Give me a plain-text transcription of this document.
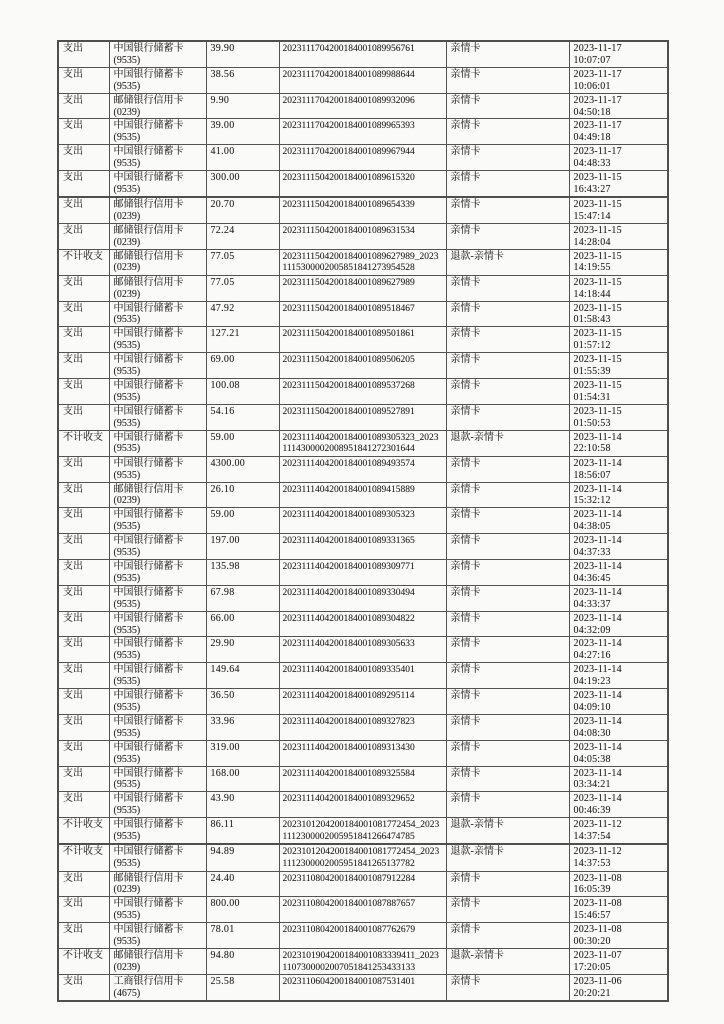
支出	中国银行储蓄卡
(9535)
	39.90	2023111704200184001089956761	亲情卡	2023-11-17
10:07:07

支出	中国银行储蓄卡
(9535)
	38.56	2023111704200184001089988644	亲情卡	2023-11-17
10:06:01

支出	邮储银行信用卡
(0239)
	9.90	2023111704200184001089932096	亲情卡	2023-11-17
04:50:18

支出	中国银行储蓄卡
(9535)
	39.00	2023111704200184001089965393	亲情卡	2023-11-17
04:49:18

支出	中国银行储蓄卡
(9535)
	41.00	2023111704200184001089967944	亲情卡	2023-11-17
04:48:33

支出	中国银行储蓄卡
(9535)
	300.00	2023111504200184001089615320	亲情卡	2023-11-15
16:43:27

支出	邮储银行信用卡
(0239)
	20.70	2023111504200184001089654339	亲情卡	2023-11-15
15:47:14

支出	邮储银行信用卡
(0239)
	72.24	2023111504200184001089631534	亲情卡	2023-11-15
14:28:04

不计收支	邮储银行信用卡
(0239)
	77.05	2023111504200184001089627989_20231115300002005851841273954528	退款-亲情卡	2023-11-15
14:19:55

支出	邮储银行信用卡
(0239)
	77.05	2023111504200184001089627989	亲情卡	2023-11-15
14:18:44

支出	中国银行储蓄卡
(9535)
	47.92	2023111504200184001089518467	亲情卡	2023-11-15
01:58:43

支出	中国银行储蓄卡
(9535)
	127.21	2023111504200184001089501861	亲情卡	2023-11-15
01:57:12

支出	中国银行储蓄卡
(9535)
	69.00	2023111504200184001089506205	亲情卡	2023-11-15
01:55:39

支出	中国银行储蓄卡
(9535)
	100.08	2023111504200184001089537268	亲情卡	2023-11-15
01:54:31

支出	中国银行储蓄卡
(9535)
	54.16	2023111504200184001089527891	亲情卡	2023-11-15
01:50:53

不计收支	中国银行储蓄卡
(9535)
	59.00	2023111404200184001089305323_20231114300002008951841272301644	退款-亲情卡	2023-11-14
22:10:58

支出	中国银行储蓄卡
(9535)
	4300.00	2023111404200184001089493574	亲情卡	2023-11-14
18:56:07

支出	邮储银行信用卡
(0239)
	26.10	2023111404200184001089415889	亲情卡	2023-11-14
15:32:12

支出	中国银行储蓄卡
(9535)
	59.00	2023111404200184001089305323	亲情卡	2023-11-14
04:38:05

支出	中国银行储蓄卡
(9535)
	197.00	2023111404200184001089331365	亲情卡	2023-11-14
04:37:33

支出	中国银行储蓄卡
(9535)
	135.98	2023111404200184001089309771	亲情卡	2023-11-14
04:36:45

支出	中国银行储蓄卡
(9535)
	67.98	2023111404200184001089330494	亲情卡	2023-11-14
04:33:37

支出	中国银行储蓄卡
(9535)
	66.00	2023111404200184001089304822	亲情卡	2023-11-14
04:32:09

支出	中国银行储蓄卡
(9535)
	29.90	2023111404200184001089305633	亲情卡	2023-11-14
04:27:16

支出	中国银行储蓄卡
(9535)
	149.64	2023111404200184001089335401	亲情卡	2023-11-14
04:19:23

支出	中国银行储蓄卡
(9535)
	36.50	2023111404200184001089295114	亲情卡	2023-11-14
04:09:10

支出	中国银行储蓄卡
(9535)
	33.96	2023111404200184001089327823	亲情卡	2023-11-14
04:08:30

支出	中国银行储蓄卡
(9535)
	319.00	2023111404200184001089313430	亲情卡	2023-11-14
04:05:38

支出	中国银行储蓄卡
(9535)
	168.00	2023111404200184001089325584	亲情卡	2023-11-14
03:34:21

支出	中国银行储蓄卡
(9535)
	43.90	2023111404200184001089329652	亲情卡	2023-11-14
00:46:39

不计收支	中国银行储蓄卡
(9535)
	86.11	2023101204200184001081772454_20231112300002005951841266474785	退款-亲情卡	2023-11-12
14:37:54

不计收支	中国银行储蓄卡
(9535)
	94.89	2023101204200184001081772454_20231112300002005951841265137782	退款-亲情卡	2023-11-12
14:37:53

支出	邮储银行信用卡
(0239)
	24.40	2023110804200184001087912284	亲情卡	2023-11-08
16:05:39

支出	中国银行储蓄卡
(9535)
	800.00	2023110804200184001087887657	亲情卡	2023-11-08
15:46:57

支出	中国银行储蓄卡
(9535)
	78.01	2023110804200184001087762679	亲情卡	2023-11-08
00:30:20

不计收支	邮储银行信用卡
(0239)
	94.80	2023101904200184001083339411_20231107300002007051841253433133	退款-亲情卡	2023-11-07
17:20:05

支出	工商银行信用卡
(4675)
	25.58	2023110604200184001087531401	亲情卡	2023-11-06
20:20:21
